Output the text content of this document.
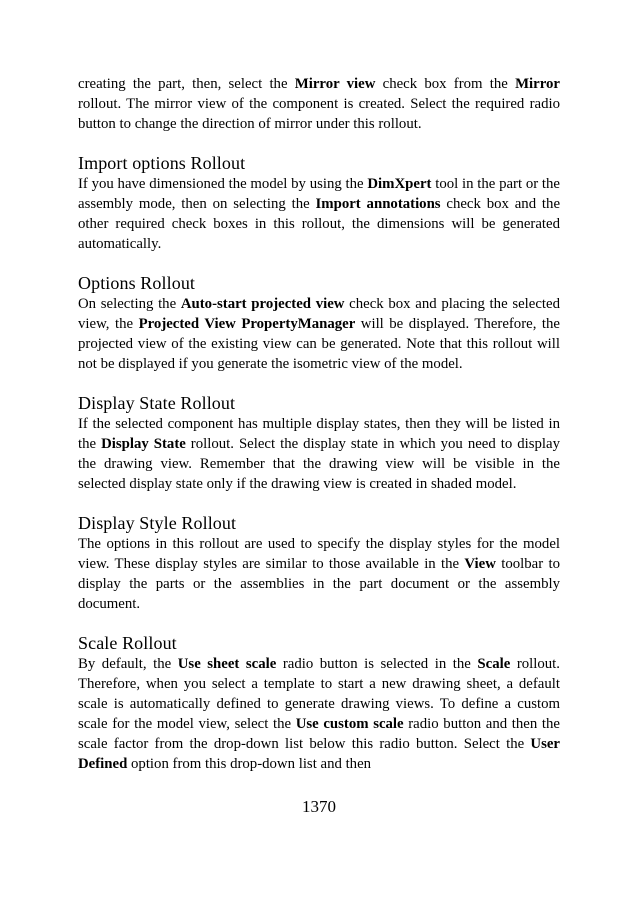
creating the part, then, select the Mirror view check box from the Mirror rollout. The mirror view of the component is created. Select the required radio button to change the direction of mirror under this rollout.

Import options Rollout

If you have dimensioned the model by using the DimXpert tool in the part or the assembly mode, then on selecting the Import annotations check box and the other required check boxes in this rollout, the dimensions will be generated automatically.

Options Rollout

On selecting the Auto-start projected view check box and placing the selected view, the Projected View PropertyManager will be displayed. Therefore, the projected view of the existing view can be generated. Note that this rollout will not be displayed if you generate the isometric view of the model.

Display State Rollout

If the selected component has multiple display states, then they will be listed in the Display State rollout. Select the display state in which you need to display the drawing view. Remember that the drawing view will be visible in the selected display state only if the drawing view is created in shaded model.

Display Style Rollout

The options in this rollout are used to specify the display styles for the model view. These display styles are similar to those available in the View toolbar to display the parts or the assemblies in the part document or the assembly document.

Scale Rollout

By default, the Use sheet scale radio button is selected in the Scale rollout. Therefore, when you select a template to start a new drawing sheet, a default scale is automatically defined to generate drawing views. To define a custom scale for the model view, select the Use custom scale radio button and then the scale factor from the drop-down list below this radio button. Select the User Defined option from this drop-down list and then

1370
